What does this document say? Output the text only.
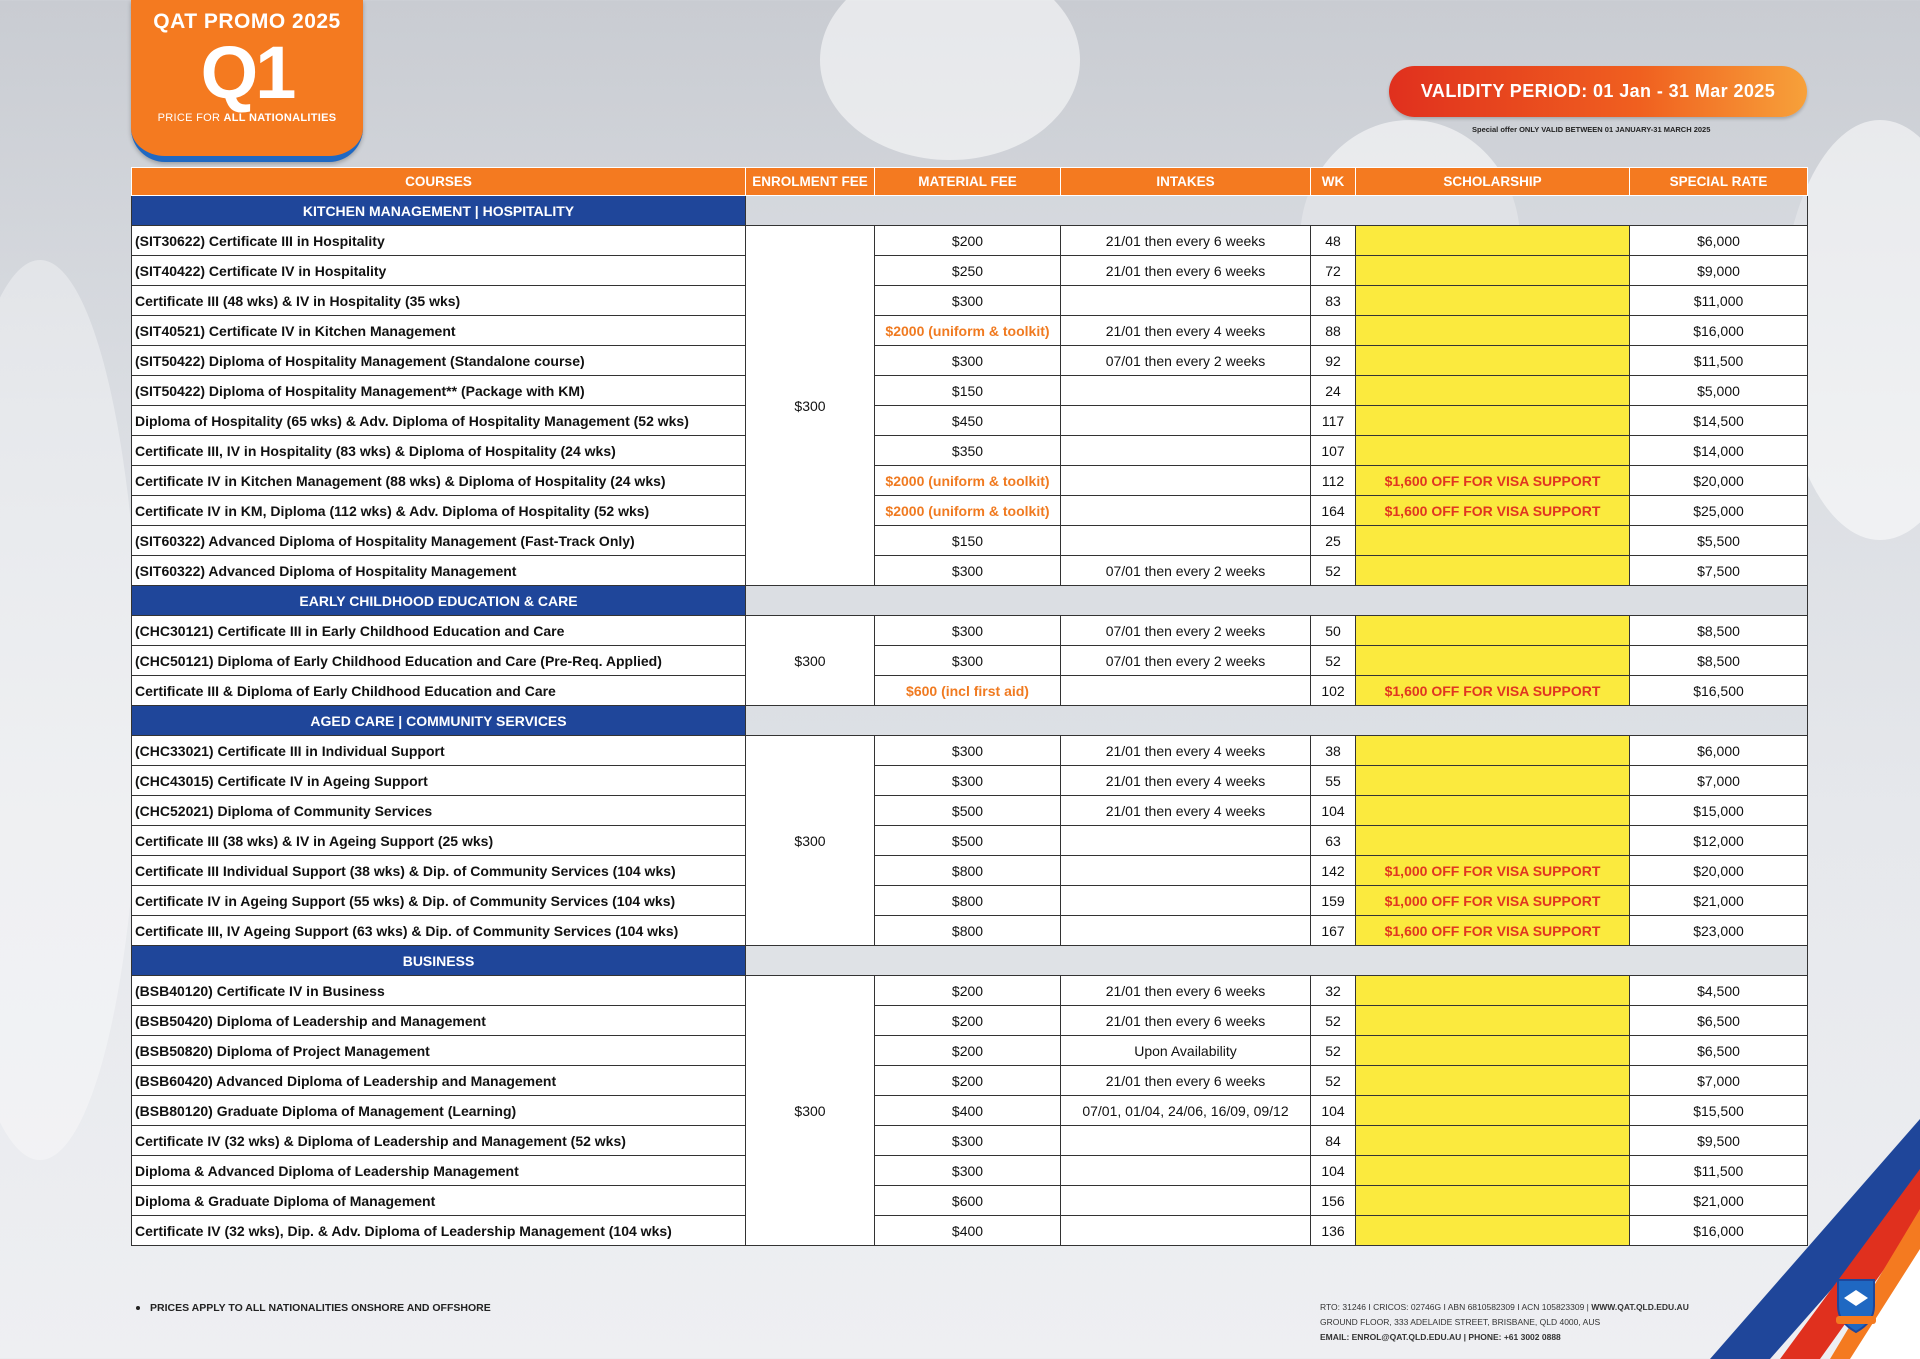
QAT PROMO 2025
Q1
PRICE FOR ALL NATIONALITIES
VALIDITY PERIOD: 01 Jan - 31 Mar 2025
Special offer ONLY VALID BETWEEN 01 JANUARY-31 MARCH 2025
COURSES	ENROLMENT FEE	MATERIAL FEE	INTAKES	WK	SCHOLARSHIP	SPECIAL RATE
KITCHEN MANAGEMENT | HOSPITALITY						
(SIT30622) Certificate III in Hospitality	$300	$200	21/01 then every 6 weeks	48		$6,000
(SIT40422) Certificate IV in Hospitality		$250	21/01 then every 6 weeks	72		$9,000
Certificate III (48 wks) & IV in Hospitality (35 wks)		$300		83		$11,000
(SIT40521) Certificate IV in Kitchen Management		$2000 (uniform & toolkit)	21/01 then every 4 weeks	88		$16,000
(SIT50422) Diploma of Hospitality Management (Standalone course)		$300	07/01 then every 2 weeks	92		$11,500
(SIT50422) Diploma of Hospitality Management** (Package with KM)		$150		24		$5,000
Diploma of Hospitality (65 wks) & Adv. Diploma of Hospitality Management (52 wks)		$450		117		$14,500
Certificate III, IV in Hospitality (83 wks) & Diploma of Hospitality (24 wks)		$350		107		$14,000
Certificate IV in Kitchen Management (88 wks) & Diploma of Hospitality (24 wks)		$2000 (uniform & toolkit)		112	$1,600 OFF FOR VISA SUPPORT	$20,000
Certificate IV in KM, Diploma (112 wks) & Adv. Diploma of Hospitality (52 wks)		$2000 (uniform & toolkit)		164	$1,600 OFF FOR VISA SUPPORT	$25,000
(SIT60322) Advanced Diploma of Hospitality Management (Fast-Track Only)		$150		25		$5,500
(SIT60322) Advanced Diploma of Hospitality Management		$300	07/01 then every 2 weeks	52		$7,500
EARLY CHILDHOOD EDUCATION & CARE						
(CHC30121) Certificate III in Early Childhood Education and Care	$300	$300	07/01 then every 2 weeks	50		$8,500
(CHC50121) Diploma of Early Childhood Education and Care (Pre-Req. Applied)		$300	07/01 then every 2 weeks	52		$8,500
Certificate III & Diploma of Early Childhood Education and Care		$600 (incl first aid)		102	$1,600 OFF FOR VISA SUPPORT	$16,500
AGED CARE | COMMUNITY SERVICES						
(CHC33021) Certificate III in Individual Support	$300	$300	21/01 then every 4 weeks	38		$6,000
(CHC43015) Certificate IV in Ageing Support		$300	21/01 then every 4 weeks	55		$7,000
(CHC52021) Diploma of Community Services		$500	21/01 then every 4 weeks	104		$15,000
Certificate III (38 wks) & IV in Ageing Support (25 wks)		$500		63		$12,000
Certificate III Individual Support (38 wks) & Dip. of Community Services (104 wks)		$800		142	$1,000 OFF FOR VISA SUPPORT	$20,000
Certificate IV in Ageing Support (55 wks) & Dip. of Community Services (104 wks)		$800		159	$1,000 OFF FOR VISA SUPPORT	$21,000
Certificate III, IV Ageing Support (63 wks) & Dip. of Community Services (104 wks)		$800		167	$1,600 OFF FOR VISA SUPPORT	$23,000
BUSINESS						
(BSB40120) Certificate IV in Business	$300	$200	21/01 then every 6 weeks	32		$4,500
(BSB50420) Diploma of Leadership and Management		$200	21/01 then every 6 weeks	52		$6,500
(BSB50820) Diploma of Project Management		$200	Upon Availability	52		$6,500
(BSB60420) Advanced Diploma of Leadership and Management		$200	21/01 then every 6 weeks	52		$7,000
(BSB80120) Graduate Diploma of Management (Learning)		$400	07/01, 01/04, 24/06, 16/09, 09/12	104		$15,500
Certificate IV (32 wks) & Diploma of Leadership and Management (52 wks)		$300		84		$9,500
Diploma & Advanced Diploma of Leadership Management		$300		104		$11,500
Diploma & Graduate Diploma of Management		$600		156		$21,000
Certificate IV (32 wks), Dip. & Adv. Diploma of Leadership Management (104 wks)		$400		136		$16,000
PRICES APPLY TO ALL NATIONALITIES ONSHORE AND OFFSHORE	RTO: 31246 I CRICOS: 02746G I ABN 6810582309 I ACN 105823309 | WWW.QAT.QLD.EDU.AU
GROUND FLOOR, 333 ADELAIDE STREET, BRISBANE, QLD 4000, AUS
EMAIL: ENROL@QAT.QLD.EDU.AU | PHONE: +61 3002 0888
